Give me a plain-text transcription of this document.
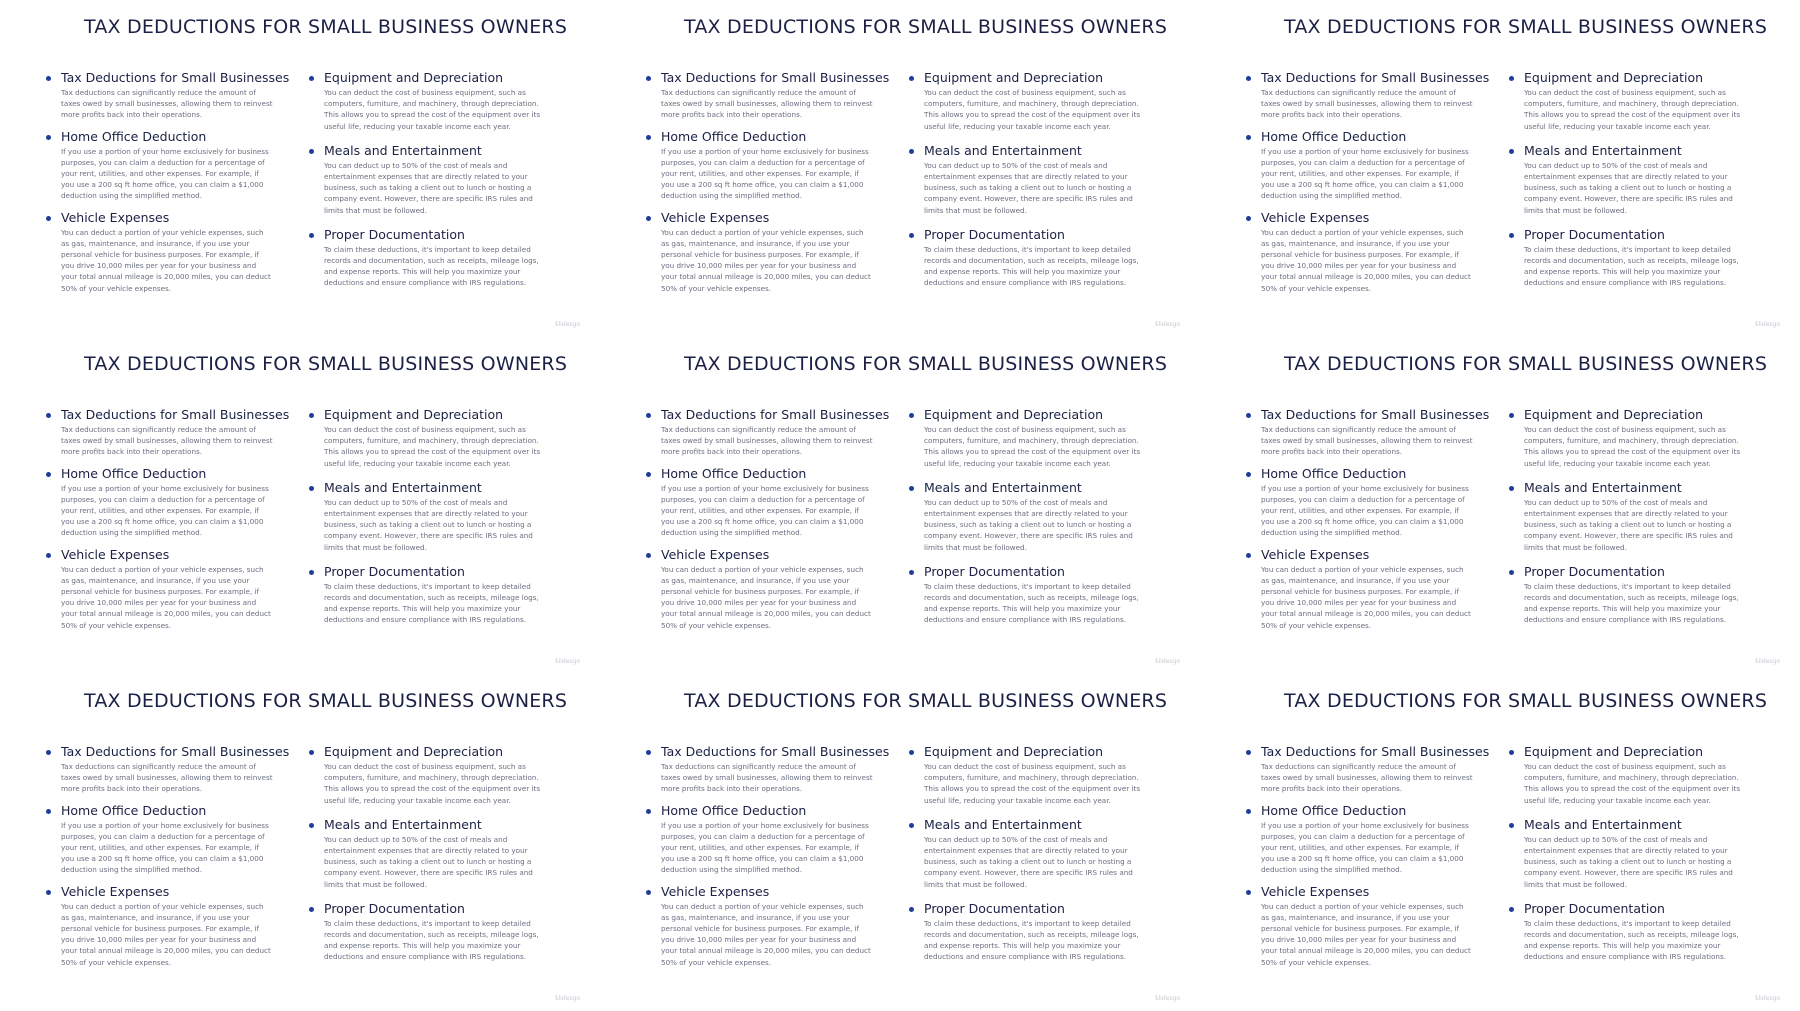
TAX DEDUCTIONS FOR SMALL BUSINESS OWNERS
Tax Deductions for Small Businesses
Tax deductions can significantly reduce the amount of taxes owed by small businesses, allowing them to reinvest more profits back into their operations.
Home Office Deduction
If you use a portion of your home exclusively for business purposes, you can claim a deduction for a percentage of your rent, utilities, and other expenses. For example, if you use a 200 sq ft home office, you can claim a $1,000 deduction using the simplified method.
Vehicle Expenses
You can deduct a portion of your vehicle expenses, such as gas, maintenance, and insurance, if you use your personal vehicle for business purposes. For example, if you drive 10,000 miles per year for your business and your total annual mileage is 20,000 miles, you can deduct 50% of your vehicle expenses.
Equipment and Depreciation
You can deduct the cost of business equipment, such as computers, furniture, and machinery, through depreciation. This allows you to spread the cost of the equipment over its useful life, reducing your taxable income each year.
Meals and Entertainment
You can deduct up to 50% of the cost of meals and entertainment expenses that are directly related to your business, such as taking a client out to lunch or hosting a company event. However, there are specific IRS rules and limits that must be followed.
Proper Documentation
To claim these deductions, it's important to keep detailed records and documentation, such as receipts, mileage logs, and expense reports. This will help you maximize your deductions and ensure compliance with IRS regulations.
Slidesgo
TAX DEDUCTIONS FOR SMALL BUSINESS OWNERS
Tax Deductions for Small Businesses
Tax deductions can significantly reduce the amount of taxes owed by small businesses, allowing them to reinvest more profits back into their operations.
Home Office Deduction
If you use a portion of your home exclusively for business purposes, you can claim a deduction for a percentage of your rent, utilities, and other expenses. For example, if you use a 200 sq ft home office, you can claim a $1,000 deduction using the simplified method.
Vehicle Expenses
You can deduct a portion of your vehicle expenses, such as gas, maintenance, and insurance, if you use your personal vehicle for business purposes. For example, if you drive 10,000 miles per year for your business and your total annual mileage is 20,000 miles, you can deduct 50% of your vehicle expenses.
Equipment and Depreciation
You can deduct the cost of business equipment, such as computers, furniture, and machinery, through depreciation. This allows you to spread the cost of the equipment over its useful life, reducing your taxable income each year.
Meals and Entertainment
You can deduct up to 50% of the cost of meals and entertainment expenses that are directly related to your business, such as taking a client out to lunch or hosting a company event. However, there are specific IRS rules and limits that must be followed.
Proper Documentation
To claim these deductions, it's important to keep detailed records and documentation, such as receipts, mileage logs, and expense reports. This will help you maximize your deductions and ensure compliance with IRS regulations.
Slidesgo
TAX DEDUCTIONS FOR SMALL BUSINESS OWNERS
Tax Deductions for Small Businesses
Tax deductions can significantly reduce the amount of taxes owed by small businesses, allowing them to reinvest more profits back into their operations.
Home Office Deduction
If you use a portion of your home exclusively for business purposes, you can claim a deduction for a percentage of your rent, utilities, and other expenses. For example, if you use a 200 sq ft home office, you can claim a $1,000 deduction using the simplified method.
Vehicle Expenses
You can deduct a portion of your vehicle expenses, such as gas, maintenance, and insurance, if you use your personal vehicle for business purposes. For example, if you drive 10,000 miles per year for your business and your total annual mileage is 20,000 miles, you can deduct 50% of your vehicle expenses.
Equipment and Depreciation
You can deduct the cost of business equipment, such as computers, furniture, and machinery, through depreciation. This allows you to spread the cost of the equipment over its useful life, reducing your taxable income each year.
Meals and Entertainment
You can deduct up to 50% of the cost of meals and entertainment expenses that are directly related to your business, such as taking a client out to lunch or hosting a company event. However, there are specific IRS rules and limits that must be followed.
Proper Documentation
To claim these deductions, it's important to keep detailed records and documentation, such as receipts, mileage logs, and expense reports. This will help you maximize your deductions and ensure compliance with IRS regulations.
Slidesgo
TAX DEDUCTIONS FOR SMALL BUSINESS OWNERS
Tax Deductions for Small Businesses
Tax deductions can significantly reduce the amount of taxes owed by small businesses, allowing them to reinvest more profits back into their operations.
Home Office Deduction
If you use a portion of your home exclusively for business purposes, you can claim a deduction for a percentage of your rent, utilities, and other expenses. For example, if you use a 200 sq ft home office, you can claim a $1,000 deduction using the simplified method.
Vehicle Expenses
You can deduct a portion of your vehicle expenses, such as gas, maintenance, and insurance, if you use your personal vehicle for business purposes. For example, if you drive 10,000 miles per year for your business and your total annual mileage is 20,000 miles, you can deduct 50% of your vehicle expenses.
Equipment and Depreciation
You can deduct the cost of business equipment, such as computers, furniture, and machinery, through depreciation. This allows you to spread the cost of the equipment over its useful life, reducing your taxable income each year.
Meals and Entertainment
You can deduct up to 50% of the cost of meals and entertainment expenses that are directly related to your business, such as taking a client out to lunch or hosting a company event. However, there are specific IRS rules and limits that must be followed.
Proper Documentation
To claim these deductions, it's important to keep detailed records and documentation, such as receipts, mileage logs, and expense reports. This will help you maximize your deductions and ensure compliance with IRS regulations.
Slidesgo
TAX DEDUCTIONS FOR SMALL BUSINESS OWNERS
Tax Deductions for Small Businesses
Tax deductions can significantly reduce the amount of taxes owed by small businesses, allowing them to reinvest more profits back into their operations.
Home Office Deduction
If you use a portion of your home exclusively for business purposes, you can claim a deduction for a percentage of your rent, utilities, and other expenses. For example, if you use a 200 sq ft home office, you can claim a $1,000 deduction using the simplified method.
Vehicle Expenses
You can deduct a portion of your vehicle expenses, such as gas, maintenance, and insurance, if you use your personal vehicle for business purposes. For example, if you drive 10,000 miles per year for your business and your total annual mileage is 20,000 miles, you can deduct 50% of your vehicle expenses.
Equipment and Depreciation
You can deduct the cost of business equipment, such as computers, furniture, and machinery, through depreciation. This allows you to spread the cost of the equipment over its useful life, reducing your taxable income each year.
Meals and Entertainment
You can deduct up to 50% of the cost of meals and entertainment expenses that are directly related to your business, such as taking a client out to lunch or hosting a company event. However, there are specific IRS rules and limits that must be followed.
Proper Documentation
To claim these deductions, it's important to keep detailed records and documentation, such as receipts, mileage logs, and expense reports. This will help you maximize your deductions and ensure compliance with IRS regulations.
Slidesgo
TAX DEDUCTIONS FOR SMALL BUSINESS OWNERS
Tax Deductions for Small Businesses
Tax deductions can significantly reduce the amount of taxes owed by small businesses, allowing them to reinvest more profits back into their operations.
Home Office Deduction
If you use a portion of your home exclusively for business purposes, you can claim a deduction for a percentage of your rent, utilities, and other expenses. For example, if you use a 200 sq ft home office, you can claim a $1,000 deduction using the simplified method.
Vehicle Expenses
You can deduct a portion of your vehicle expenses, such as gas, maintenance, and insurance, if you use your personal vehicle for business purposes. For example, if you drive 10,000 miles per year for your business and your total annual mileage is 20,000 miles, you can deduct 50% of your vehicle expenses.
Equipment and Depreciation
You can deduct the cost of business equipment, such as computers, furniture, and machinery, through depreciation. This allows you to spread the cost of the equipment over its useful life, reducing your taxable income each year.
Meals and Entertainment
You can deduct up to 50% of the cost of meals and entertainment expenses that are directly related to your business, such as taking a client out to lunch or hosting a company event. However, there are specific IRS rules and limits that must be followed.
Proper Documentation
To claim these deductions, it's important to keep detailed records and documentation, such as receipts, mileage logs, and expense reports. This will help you maximize your deductions and ensure compliance with IRS regulations.
Slidesgo
TAX DEDUCTIONS FOR SMALL BUSINESS OWNERS
Tax Deductions for Small Businesses
Tax deductions can significantly reduce the amount of taxes owed by small businesses, allowing them to reinvest more profits back into their operations.
Home Office Deduction
If you use a portion of your home exclusively for business purposes, you can claim a deduction for a percentage of your rent, utilities, and other expenses. For example, if you use a 200 sq ft home office, you can claim a $1,000 deduction using the simplified method.
Vehicle Expenses
You can deduct a portion of your vehicle expenses, such as gas, maintenance, and insurance, if you use your personal vehicle for business purposes. For example, if you drive 10,000 miles per year for your business and your total annual mileage is 20,000 miles, you can deduct 50% of your vehicle expenses.
Equipment and Depreciation
You can deduct the cost of business equipment, such as computers, furniture, and machinery, through depreciation. This allows you to spread the cost of the equipment over its useful life, reducing your taxable income each year.
Meals and Entertainment
You can deduct up to 50% of the cost of meals and entertainment expenses that are directly related to your business, such as taking a client out to lunch or hosting a company event. However, there are specific IRS rules and limits that must be followed.
Proper Documentation
To claim these deductions, it's important to keep detailed records and documentation, such as receipts, mileage logs, and expense reports. This will help you maximize your deductions and ensure compliance with IRS regulations.
Slidesgo
TAX DEDUCTIONS FOR SMALL BUSINESS OWNERS
Tax Deductions for Small Businesses
Tax deductions can significantly reduce the amount of taxes owed by small businesses, allowing them to reinvest more profits back into their operations.
Home Office Deduction
If you use a portion of your home exclusively for business purposes, you can claim a deduction for a percentage of your rent, utilities, and other expenses. For example, if you use a 200 sq ft home office, you can claim a $1,000 deduction using the simplified method.
Vehicle Expenses
You can deduct a portion of your vehicle expenses, such as gas, maintenance, and insurance, if you use your personal vehicle for business purposes. For example, if you drive 10,000 miles per year for your business and your total annual mileage is 20,000 miles, you can deduct 50% of your vehicle expenses.
Equipment and Depreciation
You can deduct the cost of business equipment, such as computers, furniture, and machinery, through depreciation. This allows you to spread the cost of the equipment over its useful life, reducing your taxable income each year.
Meals and Entertainment
You can deduct up to 50% of the cost of meals and entertainment expenses that are directly related to your business, such as taking a client out to lunch or hosting a company event. However, there are specific IRS rules and limits that must be followed.
Proper Documentation
To claim these deductions, it's important to keep detailed records and documentation, such as receipts, mileage logs, and expense reports. This will help you maximize your deductions and ensure compliance with IRS regulations.
Slidesgo
TAX DEDUCTIONS FOR SMALL BUSINESS OWNERS
Tax Deductions for Small Businesses
Tax deductions can significantly reduce the amount of taxes owed by small businesses, allowing them to reinvest more profits back into their operations.
Home Office Deduction
If you use a portion of your home exclusively for business purposes, you can claim a deduction for a percentage of your rent, utilities, and other expenses. For example, if you use a 200 sq ft home office, you can claim a $1,000 deduction using the simplified method.
Vehicle Expenses
You can deduct a portion of your vehicle expenses, such as gas, maintenance, and insurance, if you use your personal vehicle for business purposes. For example, if you drive 10,000 miles per year for your business and your total annual mileage is 20,000 miles, you can deduct 50% of your vehicle expenses.
Equipment and Depreciation
You can deduct the cost of business equipment, such as computers, furniture, and machinery, through depreciation. This allows you to spread the cost of the equipment over its useful life, reducing your taxable income each year.
Meals and Entertainment
You can deduct up to 50% of the cost of meals and entertainment expenses that are directly related to your business, such as taking a client out to lunch or hosting a company event. However, there are specific IRS rules and limits that must be followed.
Proper Documentation
To claim these deductions, it's important to keep detailed records and documentation, such as receipts, mileage logs, and expense reports. This will help you maximize your deductions and ensure compliance with IRS regulations.
Slidesgo
